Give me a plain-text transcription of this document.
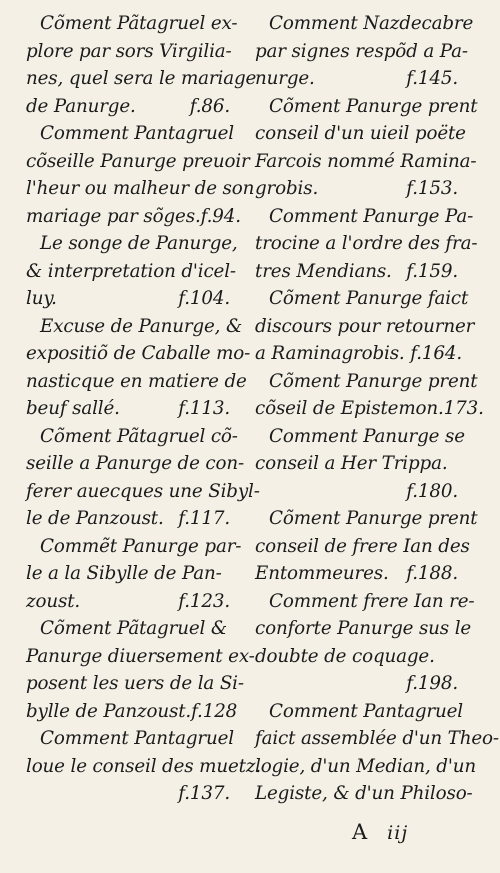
Cõment Pãtagruel ex-
plore par sors Virgilia-
nes, quel sera le mariage
de Panurge.	f.86.
Comment Pantagruel
cõseille Panurge preuoir
l'heur ou malheur de son
mariage par sõges.f.94.
Le songe de Panurge,
& interpretation d'icel-
luy.	f.104.
Excuse de Panurge, &
expositiõ de Caballe mo-
nasticque en matiere de
beuf sallé.	f.113.
Cõment Pãtagruel cõ-
seille a Panurge de con-
ferer auecques une Sibyl-
le de Panzoust. f.117.
Commẽt Panurge par-
le a la Sibylle de Pan-
zoust.	f.123.
Cõment Pãtagruel &
Panurge diuersement ex-
posent les uers de la Si-
bylle de Panzoust.f.128
Comment Pantagruel
loue le conseil des muetz.
f.137.
Comment Nazdecabre
par signes respõd a Pa-
nurge.	f.145.
Cõment Panurge prent
conseil d'un uieil poëte
Farcois nommé Ramina-
grobis.	f.153.
Comment Panurge Pa-
trocine a l'ordre des fra-
tres Mendians. f.159.
Cõment Panurge faict
discours pour retourner
a Raminagrobis. f.164.
Cõment Panurge prent
cõseil de Epistemon.173.
Comment Panurge se
conseil a Her Trippa.
f.180.
Cõment Panurge prent
conseil de frere Ian des
Entommeures. f.188.
Comment frere Ian re-
conforte Panurge sus le
doubte de coquage.
f.198.
Comment Pantagruel
faict assemblée d'un Theo-
logie, d'un Median, d'un
Legiste, & d'un Philoso-
A iij
